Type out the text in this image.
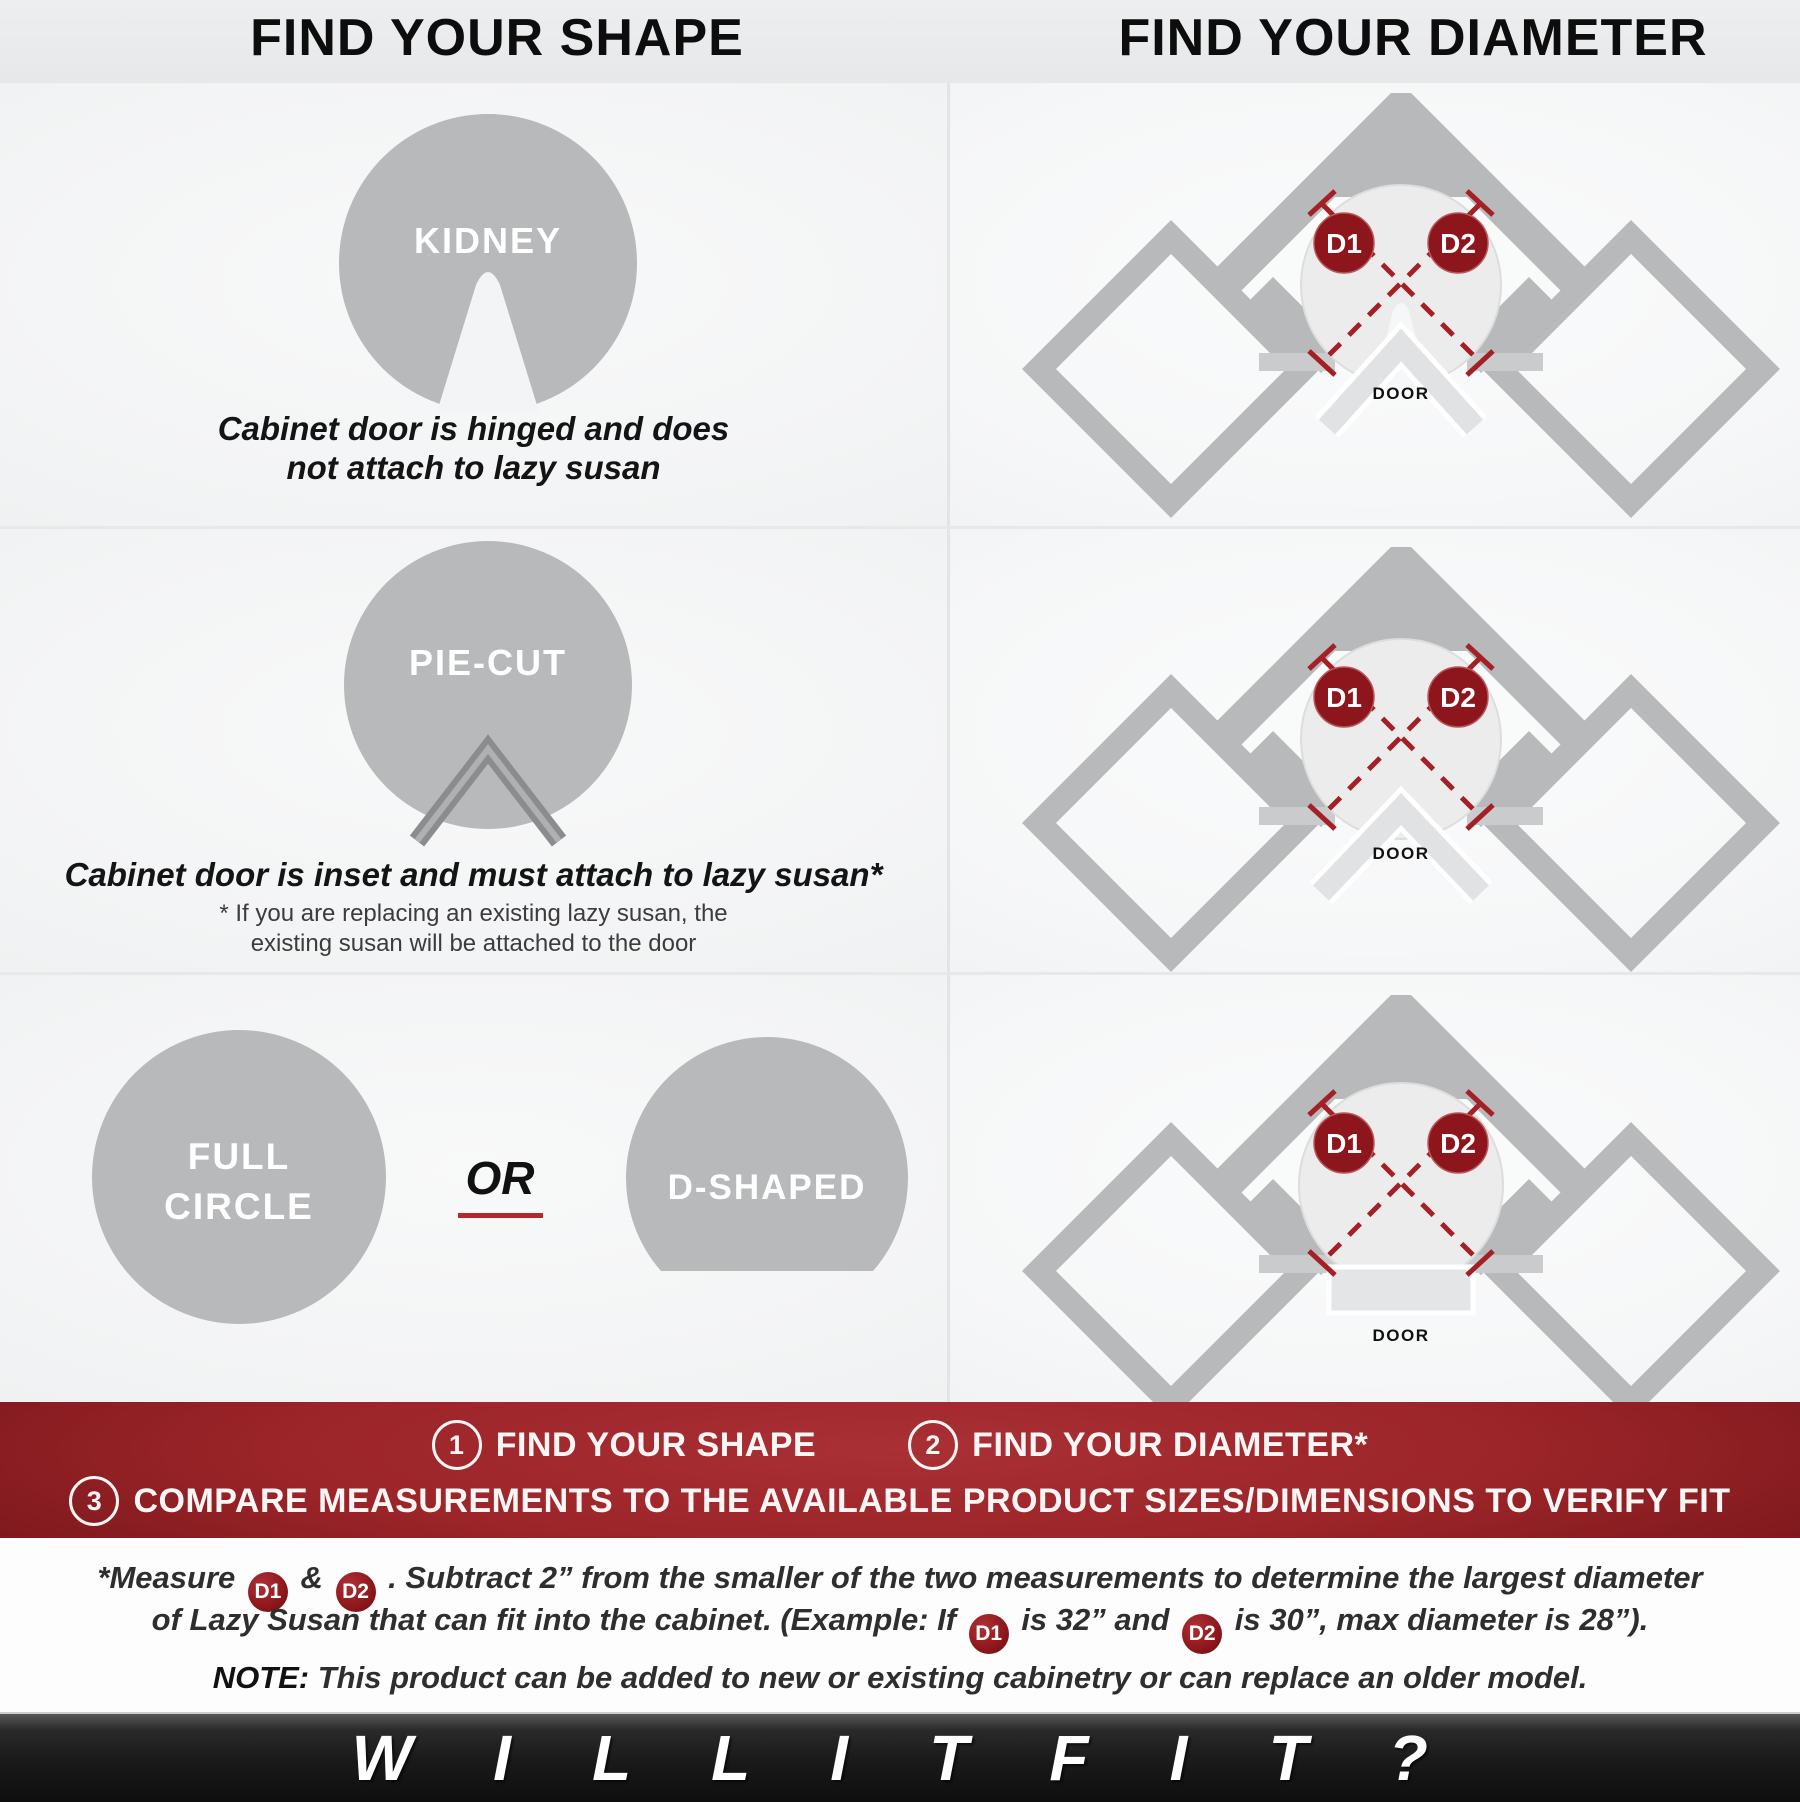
FIND YOUR SHAPE	FIND YOUR DIAMETER
KIDNEY
Cabinet door is hinged and does
not attach to lazy susan
D1	D2
DOOR
PIE-CUT
Cabinet door is inset and must attach to lazy susan*
* If you are replacing an existing lazy susan, the
existing susan will be attached to the door
D1	D2
DOOR
FULL
CIRCLE
OR	D-SHAPED
D1	D2
DOOR
1 FIND YOUR SHAPE	2 FIND YOUR DIAMETER*
3 COMPARE MEASUREMENTS TO THE AVAILABLE PRODUCT SIZES/DIMENSIONS TO VERIFY FIT
*Measure D1 & D2 . Subtract 2” from the smaller of the two measurements to determine the largest diameter
of Lazy Susan that can fit into the cabinet. (Example: If D1 is 32” and D2 is 30”, max diameter is 28”).
NOTE: This product can be added to new or existing cabinetry or can replace an older model.
W I L L I T F I T ?
